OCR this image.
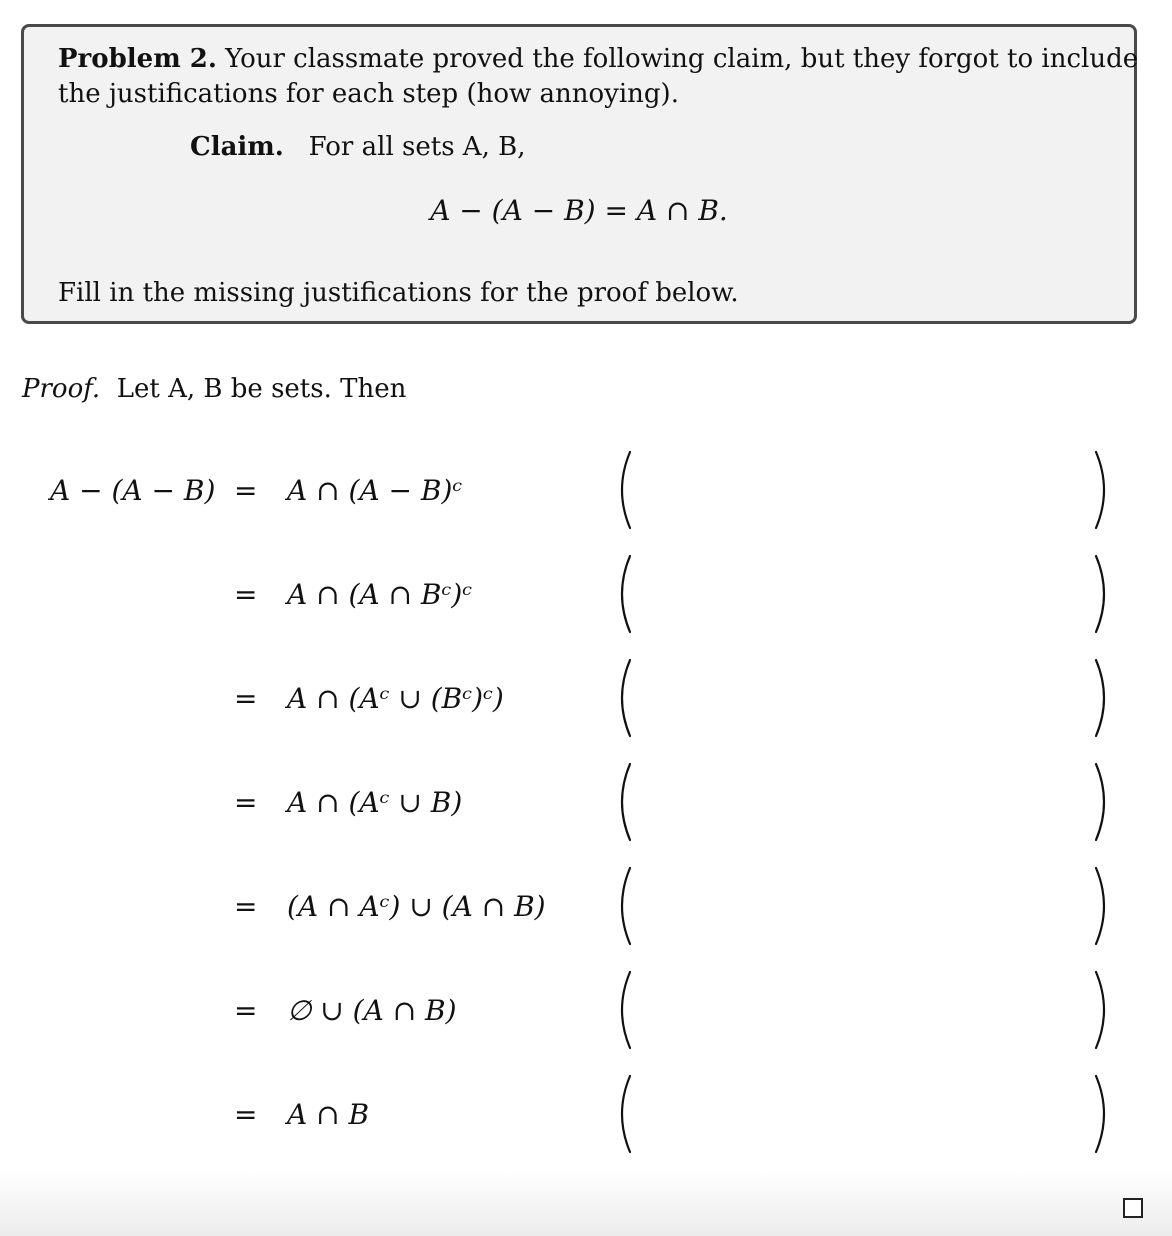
Problem 2. Your classmate proved the following claim, but they forgot to include
the justifications for each step (how annoying).
Claim. For all sets A, B,
A − (A − B) = A ∩ B.
Fill in the missing justifications for the proof below.
Proof. Let A, B be sets. Then
A − (A − B) = A ∩ (A − B)ᶜ
= A ∩ (A ∩ Bᶜ)ᶜ
= A ∩ (Aᶜ ∪ (Bᶜ)ᶜ)
= A ∩ (Aᶜ ∪ B)
= (A ∩ Aᶜ) ∪ (A ∩ B)
= ∅ ∪ (A ∩ B)
= A ∩ B
